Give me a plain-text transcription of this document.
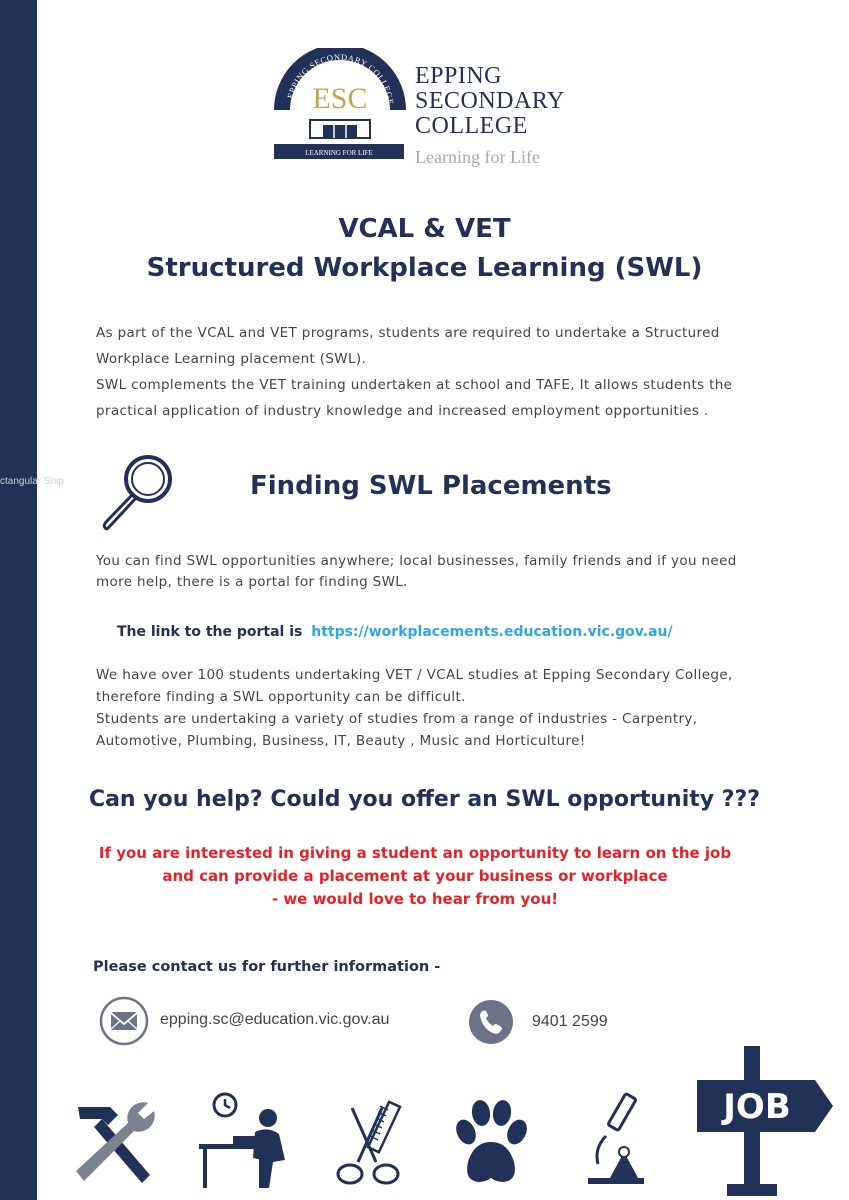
ctangular Snip
EPPING SECONDARY COLLEGE
ESC
LEARNING FOR LIFE
EPPING
SECONDARY
COLLEGE
Learning for Life
VCAL & VET
Structured Workplace Learning (SWL)
As part of the VCAL and VET programs, students are required to undertake a Structured
Workplace Learning placement (SWL).
SWL complements the VET training undertaken at school and TAFE, It allows students the
practical application of industry knowledge and increased employment opportunities .
Finding SWL Placements
You can find SWL opportunities anywhere; local businesses, family friends and if you need
more help, there is a portal for finding SWL.
The link to the portal is https://workplacements.education.vic.gov.au/
We have over 100 students undertaking VET / VCAL studies at Epping Secondary College,
therefore finding a SWL opportunity can be difficult.
Students are undertaking a variety of studies from a range of industries - Carpentry,
Automotive, Plumbing, Business, IT, Beauty , Music and Horticulture!
Can you help? Could you offer an SWL opportunity ???
If you are interested in giving a student an opportunity to learn on the job
and can provide a placement at your business or workplace
- we would love to hear from you!
Please contact us for further information -
epping.sc@education.vic.gov.au	9401 2599
JOB
